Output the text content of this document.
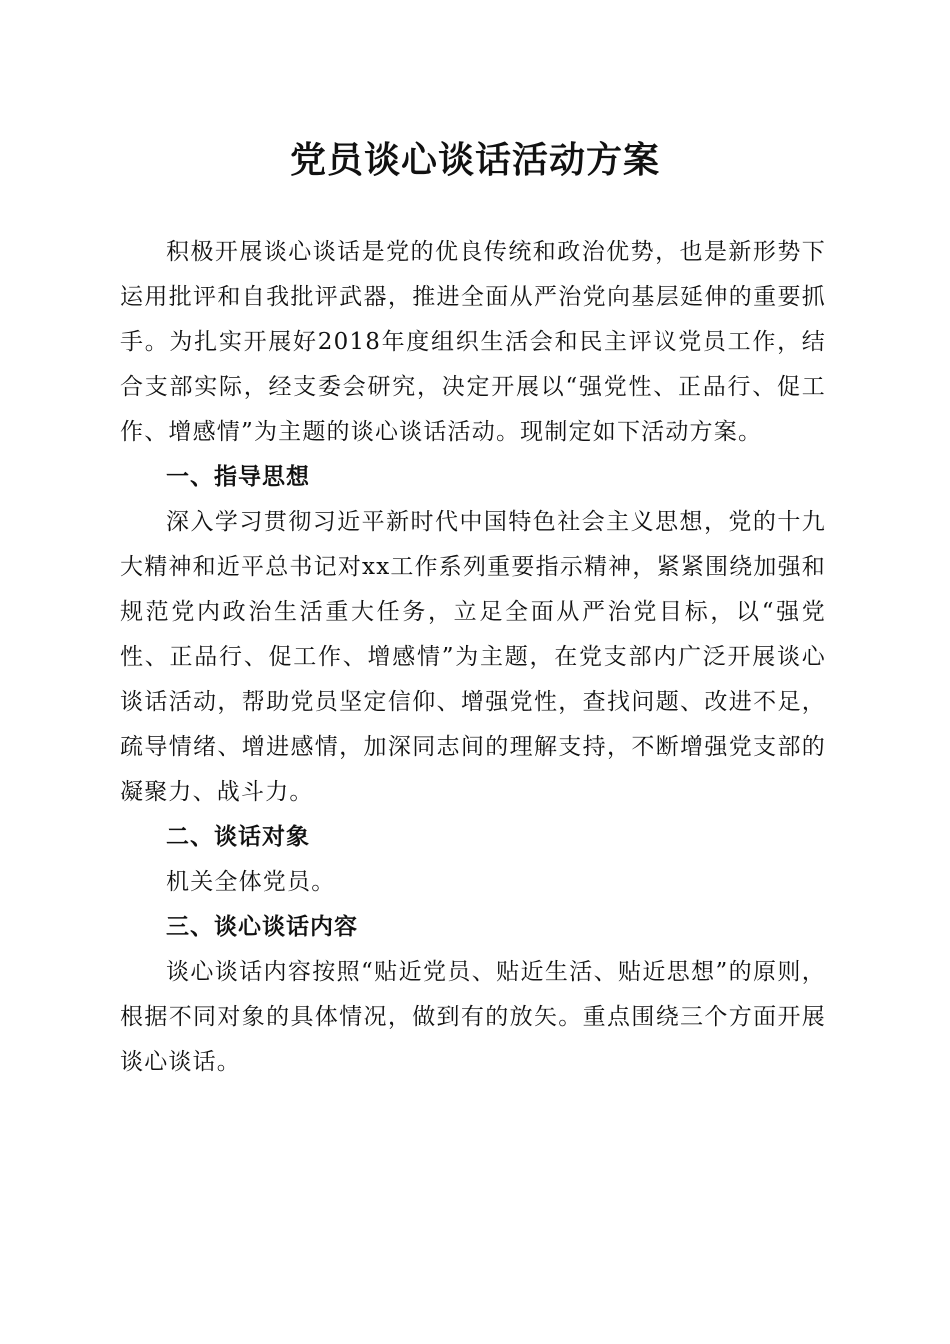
党员谈心谈话活动方案

积极开展谈心谈话是党的优良传统和政治优势，也是新形势下运用批评和自我批评武器，推进全面从严治党向基层延伸的重要抓手。为扎实开展好2018年度组织生活会和民主评议党员工作，结合支部实际，经支委会研究，决定开展以“强党性、正品行、促工作、增感情”为主题的谈心谈话活动。现制定如下活动方案。

一、指导思想

深入学习贯彻习近平新时代中国特色社会主义思想，党的十九大精神和近平总书记对xx工作系列重要指示精神，紧紧围绕加强和规范党内政治生活重大任务，立足全面从严治党目标，以“强党性、正品行、促工作、增感情”为主题，在党支部内广泛开展谈心谈话活动，帮助党员坚定信仰、增强党性，查找问题、改进不足，疏导情绪、增进感情，加深同志间的理解支持，不断增强党支部的凝聚力、战斗力。

二、谈话对象

机关全体党员。

三、谈心谈话内容

谈心谈话内容按照“贴近党员、贴近生活、贴近思想”的原则，根据不同对象的具体情况，做到有的放矢。重点围绕三个方面开展谈心谈话。
